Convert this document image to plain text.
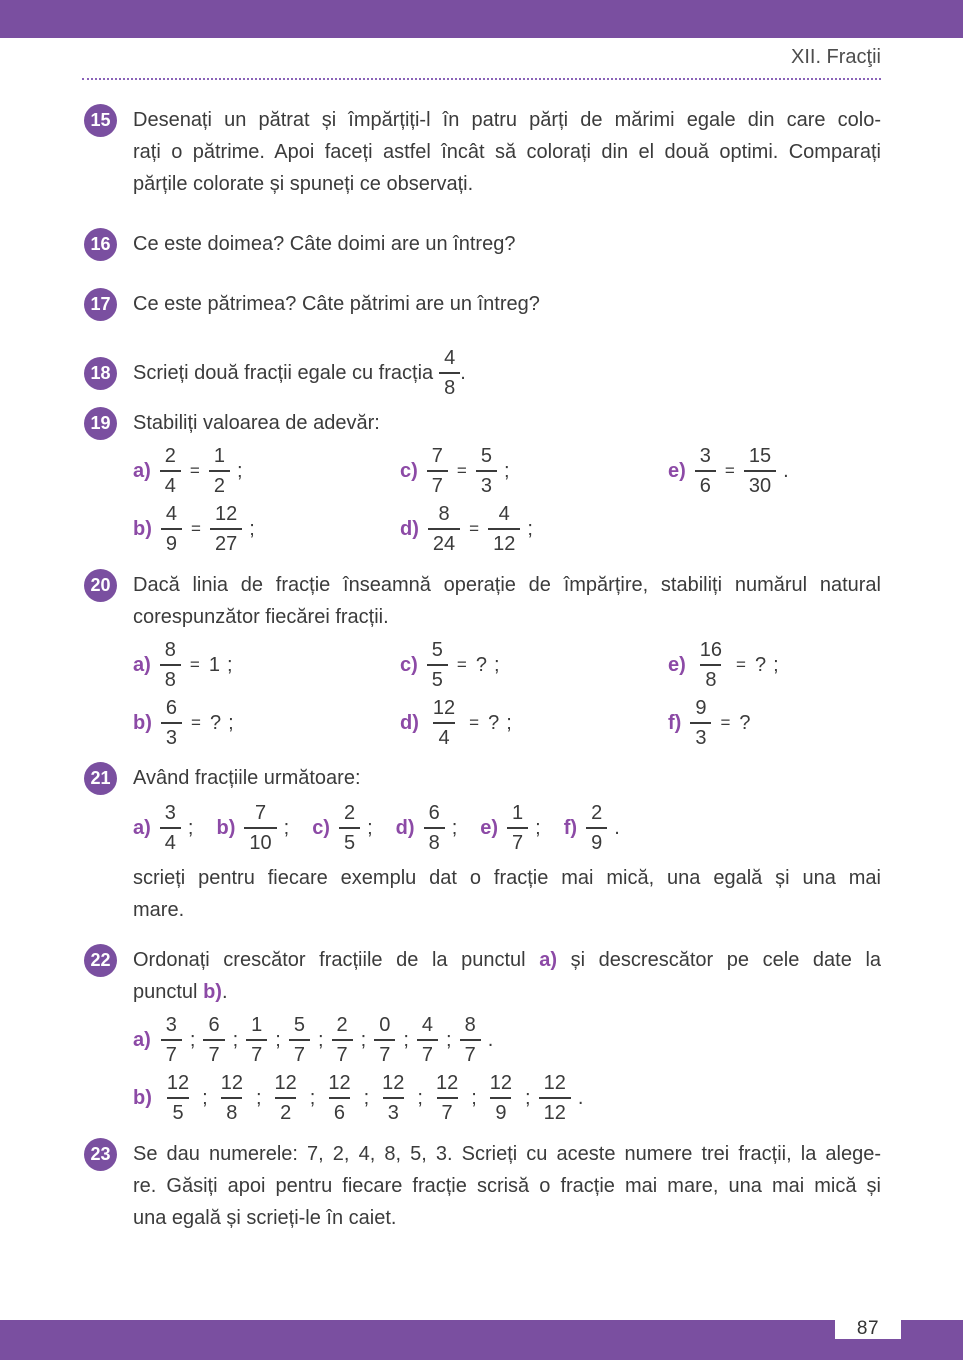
XII. Fracţii
15	Desenați un pătrat și împărțiți-l în patru părți de mărimi egale din care colo-
rați o pătrime. Apoi faceți astfel încât să colorați din el două optimi. Comparați
părțile colorate și spuneți ce observați.
16	Ce este doimea? Câte doimi are un întreg?
17	Ce este pătrimea? Câte pătrimi are un întreg?
18	Scrieți două fracții egale cu fracția $\frac{4}{8}$ .
19	Stabiliți valoarea de adevăr:
$a) \frac{2}{4} = \frac{1}{2}$ ;	$c) \frac{7}{7} = \frac{5}{3}$ ;	$e) \frac{3}{6} = \frac{15}{30}$ .
$b) \frac{4}{9} = \frac{12}{27}$ ;	$d) \frac{8}{24} = \frac{4}{12}$ ;
20	Dacă linia de fracție înseamnă operație de împărțire, stabiliți numărul natural
corespunzător fiecărei fracții.
$a) \frac{8}{8} = 1$ ;	$c) \frac{5}{5}$ = ? ;	$e) \frac{16}{8}$ = ? ;
$b) \frac{6}{3}$ = ? ;	$d) \frac{12}{4}$ = ? ;	$f) \frac{9}{3}$ = ?
21	Având fracțiile următoare:
$a) \frac{3}{4}$ ; $b) \frac{7}{10}$ ; $c) \frac{2}{5}$ ; $d) \frac{6}{8}$ ; $e) \frac{1}{7}$ ; $f) \frac{2}{9}$ .
scrieți pentru fiecare exemplu dat o fracție mai mică, una egală și una mai
mare.
22	Ordonați crescător fracțiile de la punctul a) și descrescător pe cele date la
punctul b).
$a) \frac{3}{7}$ ; $\frac{6}{7}$ ; $\frac{1}{7}$ ; $\frac{5}{7}$ ; $\frac{2}{7}$ ; $\frac{0}{7}$ ; $\frac{4}{7}$ ; $\frac{8}{7}$ .
$b) \frac{12}{5}$ ; $\frac{12}{8}$ ; $\frac{12}{2}$ ; $\frac{12}{6}$ ; $\frac{12}{3}$ ; $\frac{12}{7}$ ; $\frac{12}{9}$ ; $\frac{12}{12}$ .
23	Se dau numerele: 7, 2, 4, 8, 5, 3. Scrieți cu aceste numere trei fracții, la alege-
re. Găsiți apoi pentru fiecare fracție scrisă o fracție mai mare, una mai mică și
una egală și scrieți-le în caiet.
87
